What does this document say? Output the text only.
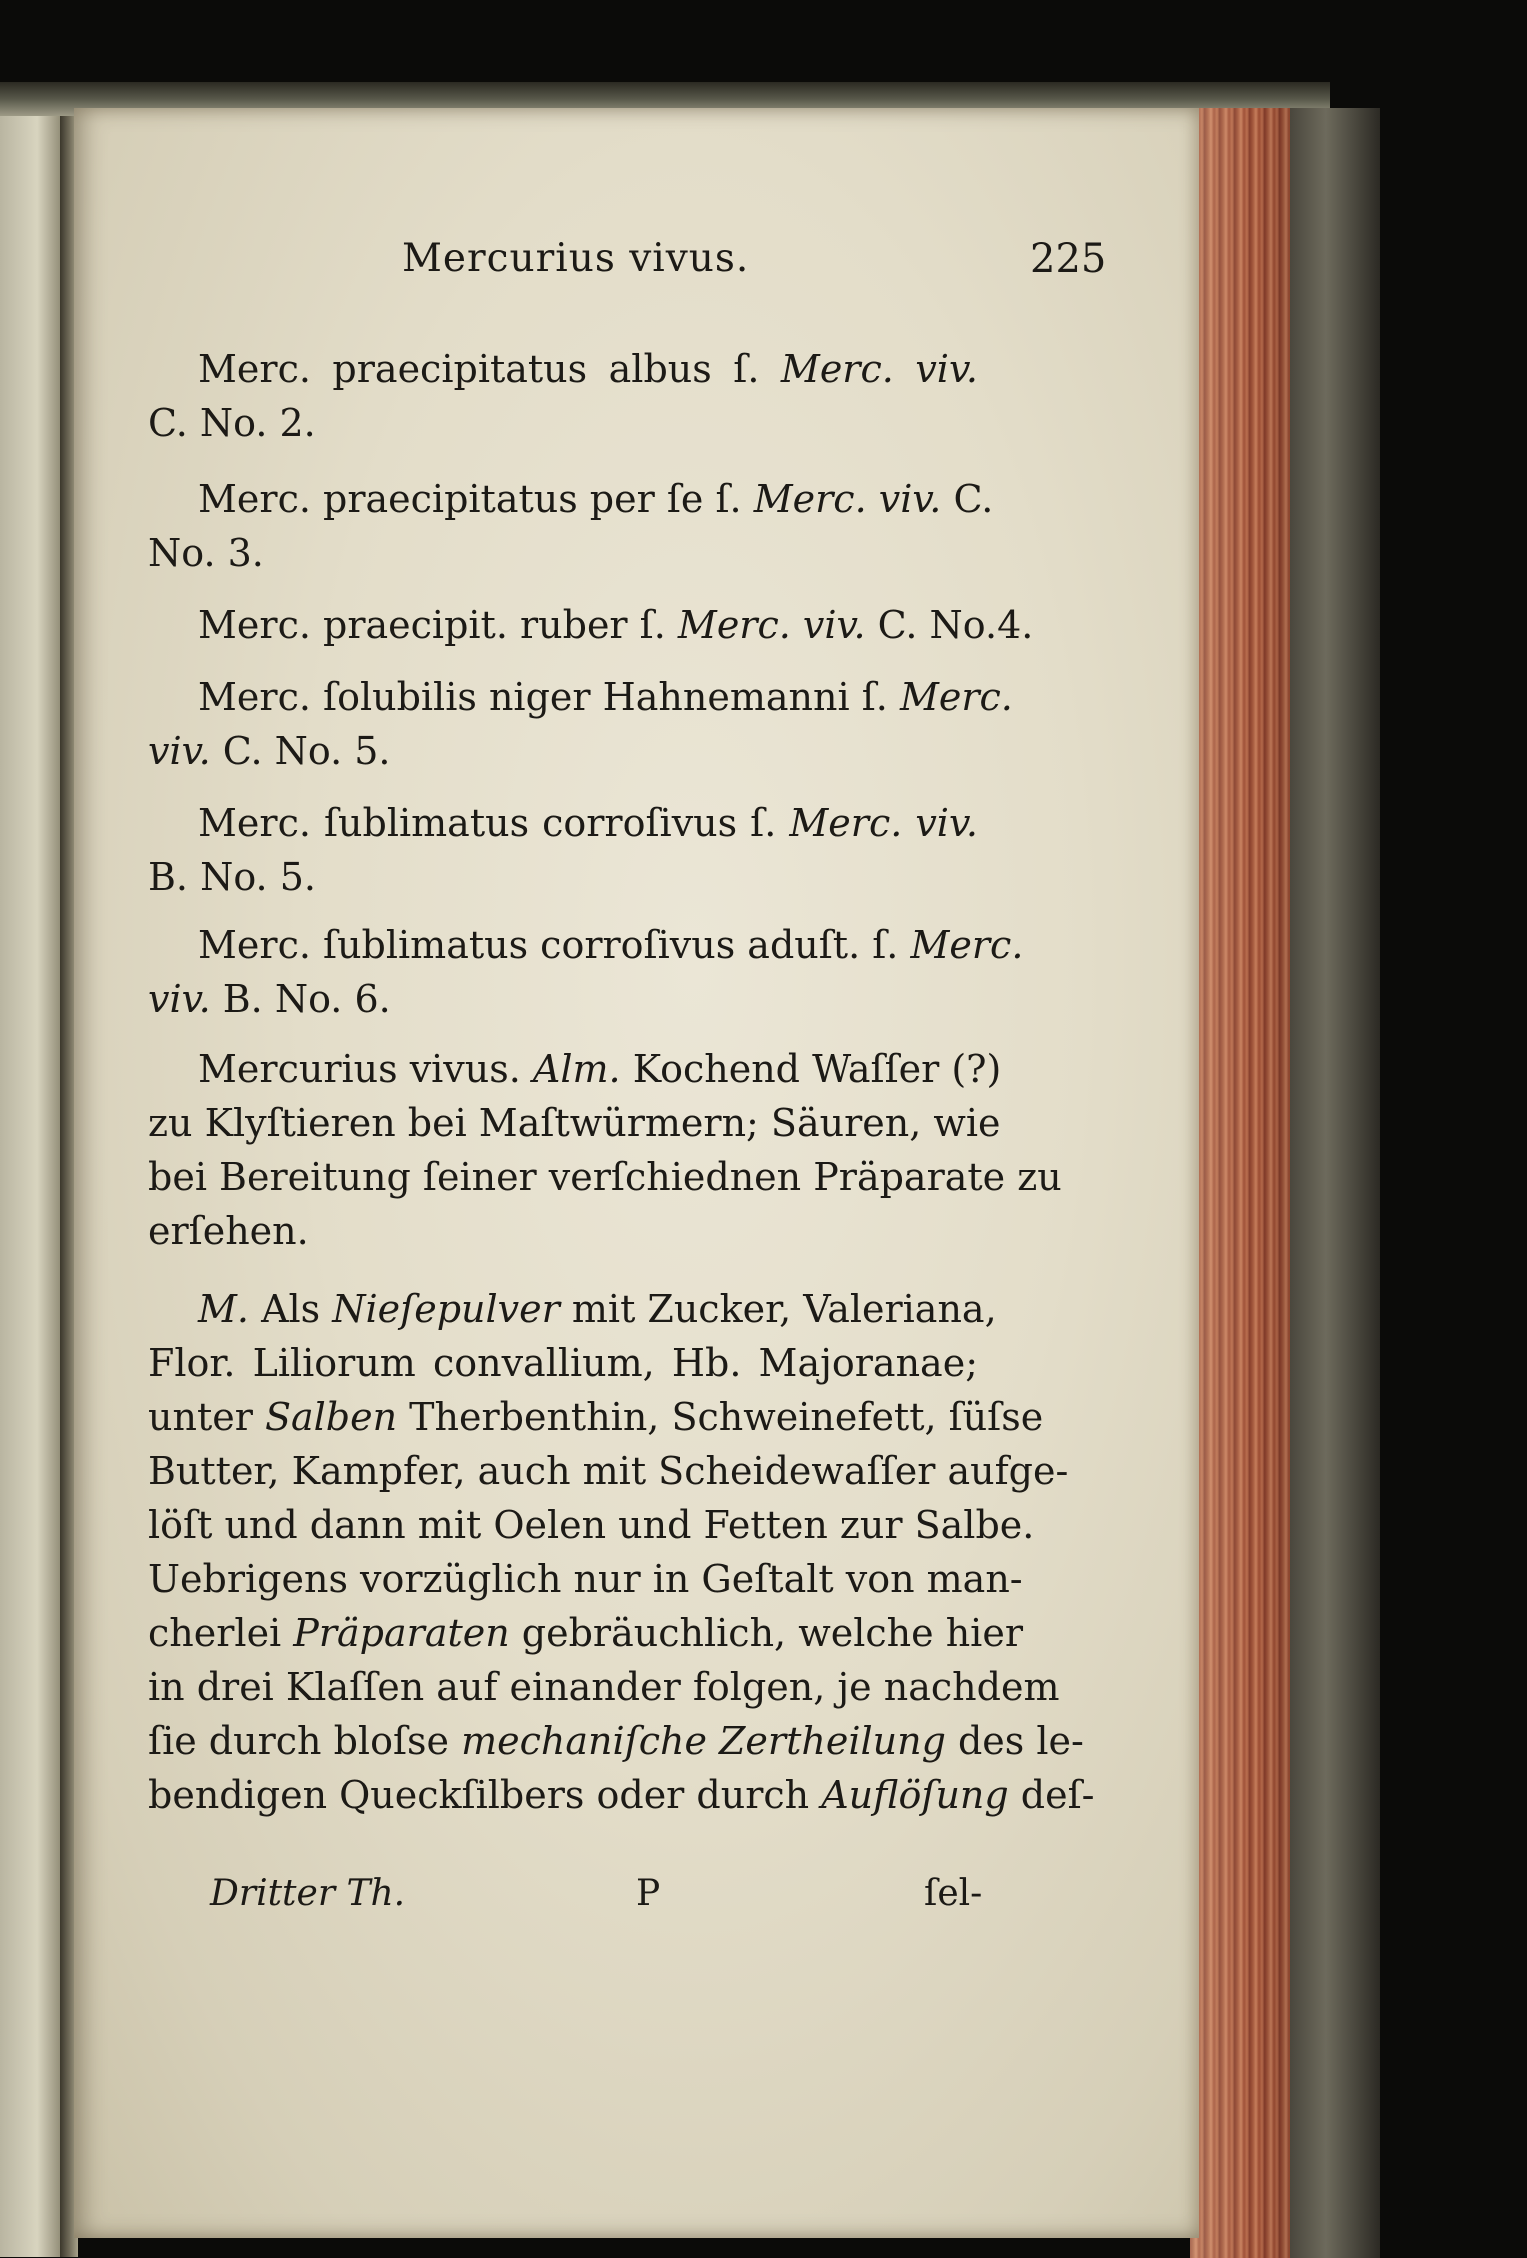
Mercurius vivus.	225
Merc. praecipitatus albus ſ. Merc. viv.
C. No. 2.
Merc. praecipitatus per ſe ſ. Merc. viv. C.
No. 3.
Merc. praecipit. ruber ſ. Merc. viv. C. No.4.
Merc. ſolubilis niger Hahnemanni ſ. Merc.
viv. C. No. 5.
Merc. ſublimatus corroſivus ſ. Merc. viv.
B. No. 5.
Merc. ſublimatus corroſivus aduſt. ſ. Merc.
viv. B. No. 6.
Mercurius vivus. Alm. Kochend Waſſer (?)
zu Klyſtieren bei Maſtwürmern; Säuren, wie
bei Bereitung ſeiner verſchiednen Präparate zu
erſehen.
M. Als Nieſepulver mit Zucker, Valeriana,
Flor. Liliorum convallium, Hb. Majoranae;
unter Salben Therbenthin, Schweinefett, ſüſse
Butter, Kampfer, auch mit Scheidewaſſer aufge-
löſt und dann mit Oelen und Fetten zur Salbe.
Uebrigens vorzüglich nur in Geſtalt von man-
cherlei Präparaten gebräuchlich, welche hier
in drei Klaſſen auf einander folgen, je nachdem
ſie durch bloſse mechaniſche Zertheilung des le-
bendigen Queckſilbers oder durch Auflöſung deſ-
Dritter Th.	P	ſel-
